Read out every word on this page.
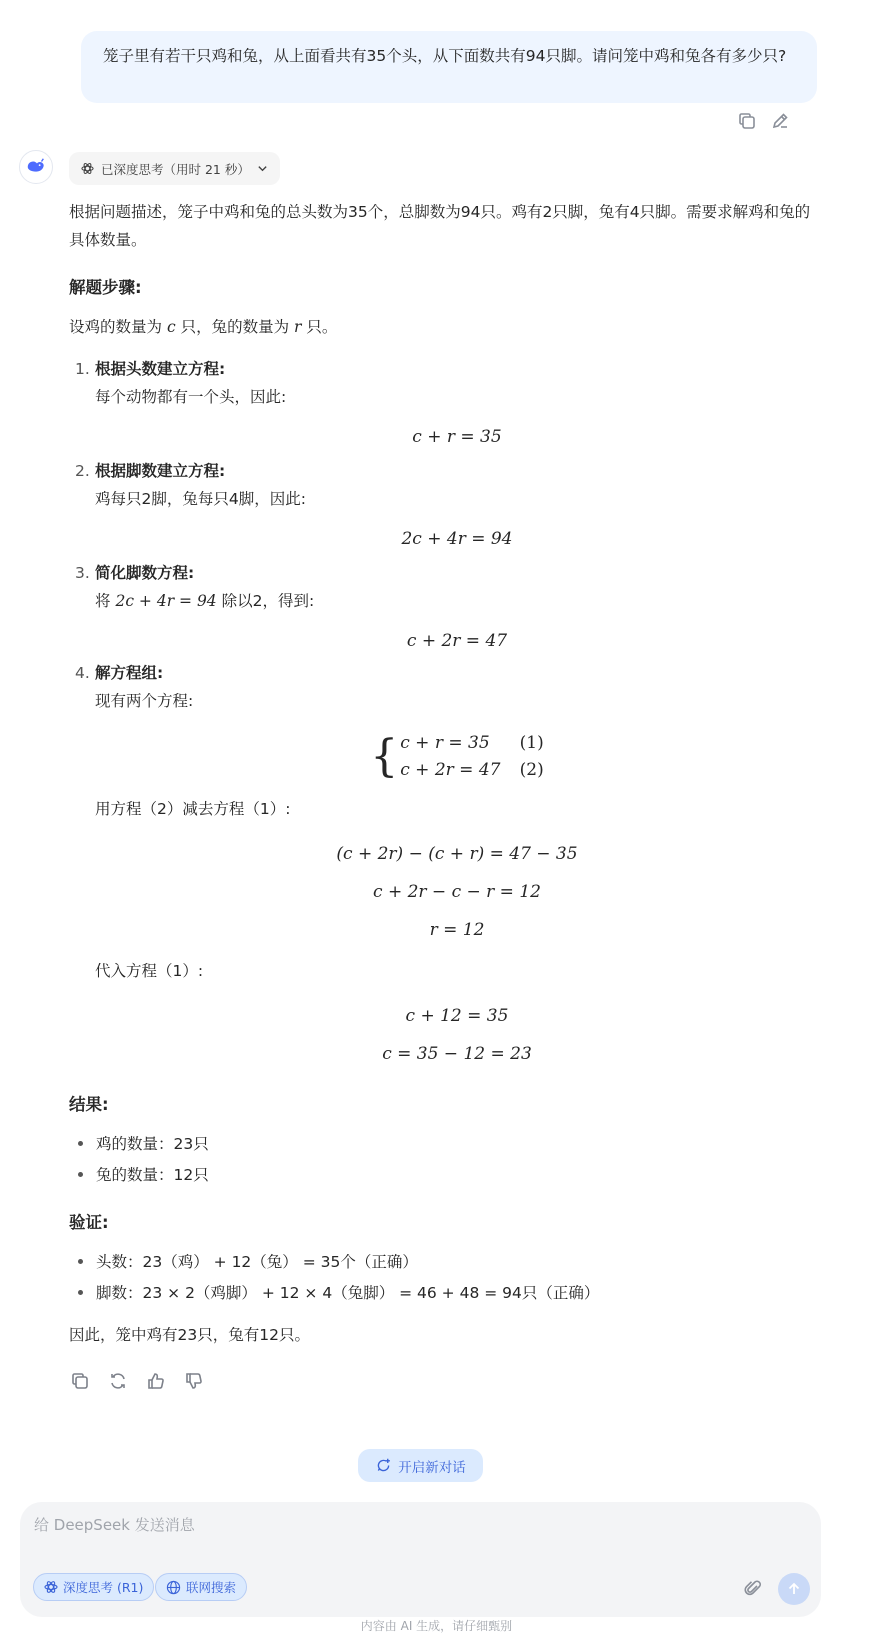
笼子里有若干只鸡和兔，从上面看共有35个头，从下面数共有94只脚。请问笼中鸡和兔各有多少只?
已深度思考（用时 21 秒）

根据问题描述，笼子中鸡和兔的总头数为35个，总脚数为94只。鸡有2只脚，兔有4只脚。需要求解鸡和兔的具体数量。

解题步骤:

设鸡的数量为 c 只，兔的数量为 r 只。

1. 根据头数建立方程:
每个动物都有一个头，因此:
c + r = 35
2. 根据脚数建立方程:
鸡每只2脚，兔每只4脚，因此:
2c + 4r = 94
3. 简化脚数方程:
将 2c + 4r = 94 除以2，得到:
c + 2r = 47
4. 解方程组:
现有两个方程:
{ c + r = 35 (1)
c + 2r = 47 (2)
用方程（2）减去方程（1）:
(c + 2r) − (c + r) = 47 − 35
c + 2r − c − r = 12
r = 12
代入方程（1）:
c + 12 = 35
c = 35 − 12 = 23

结果:

鸡的数量：23只
兔的数量：12只

验证:

头数：23（鸡） + 12（兔） = 35个（正确）
脚数：23 × 2（鸡脚） + 12 × 4（兔脚） = 46 + 48 = 94只（正确）

因此，笼中鸡有23只，兔有12只。

开启新对话
给 DeepSeek 发送消息
深度思考 (R1)	联网搜索
内容由 AI 生成，请仔细甄别
